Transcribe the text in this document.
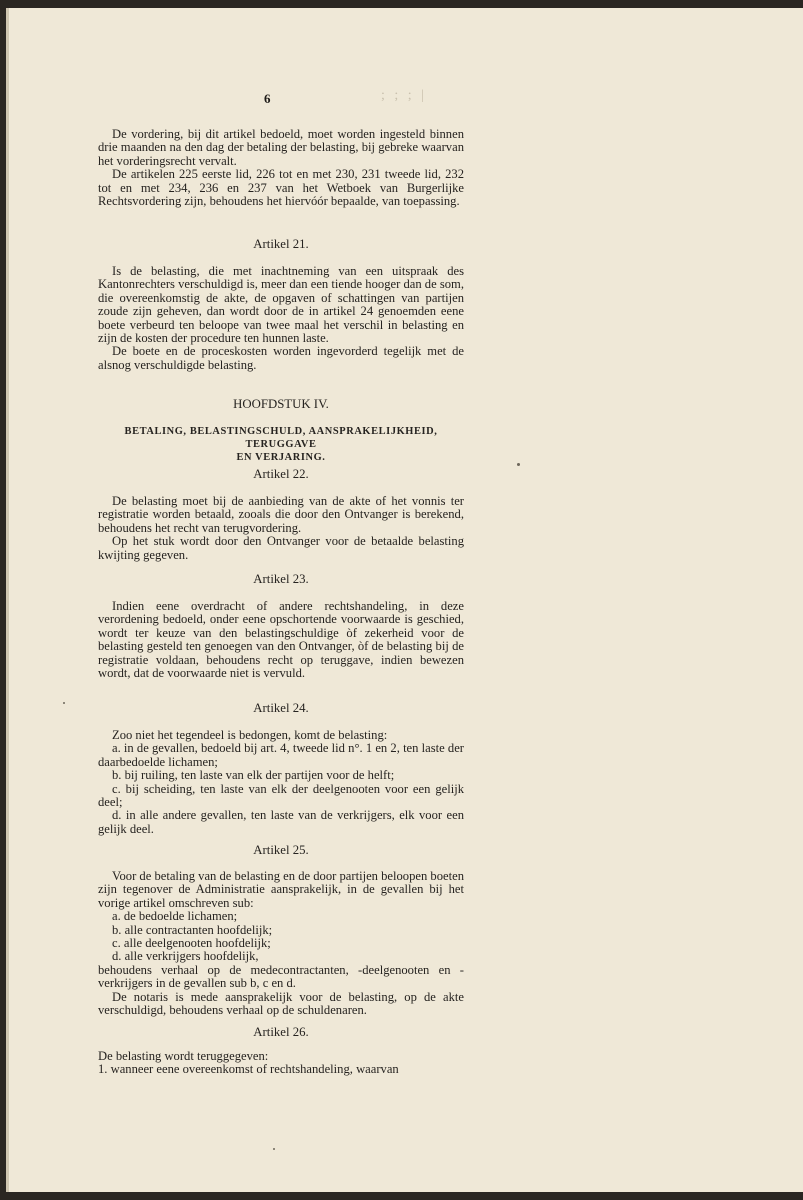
6	; ; ; |

De vordering, bij dit artikel bedoeld, moet worden ingesteld binnen drie maanden na den dag der betaling der belasting, bij gebreke waarvan het vorderingsrecht vervalt.

De artikelen 225 eerste lid, 226 tot en met 230, 231 tweede lid, 232 tot en met 234, 236 en 237 van het Wetboek van Burgerlijke Rechtsvordering zijn, behoudens het hiervóór bepaalde, van toepassing.

Artikel 21.

Is de belasting, die met inachtneming van een uitspraak des Kantonrechters verschuldigd is, meer dan een tiende hooger dan de som, die overeenkomstig de akte, de opgaven of schattingen van partijen zoude zijn geheven, dan wordt door de in artikel 24 genoemden eene boete verbeurd ten beloope van twee maal het verschil in belasting en zijn de kosten der procedure ten hunnen laste.

De boete en de proceskosten worden ingevorderd tegelijk met de alsnog verschuldigde belasting.

HOOFDSTUK IV.

BETALING, BELASTINGSCHULD, AANSPRAKELIJKHEID, TERUGGAVE

EN VERJARING.

Artikel 22.

De belasting moet bij de aanbieding van de akte of het vonnis ter registratie worden betaald, zooals die door den Ontvanger is berekend, behoudens het recht van terugvordering.

Op het stuk wordt door den Ontvanger voor de betaalde belasting kwijting gegeven.

Artikel 23.

Indien eene overdracht of andere rechtshandeling, in deze verordening bedoeld, onder eene opschortende voorwaarde is geschied, wordt ter keuze van den belastingschuldige òf zekerheid voor de belasting gesteld ten genoegen van den Ontvanger, òf de belasting bij de registratie voldaan, behoudens recht op teruggave, indien bewezen wordt, dat de voorwaarde niet is vervuld.

Artikel 24.

Zoo niet het tegendeel is bedongen, komt de belasting:

a. in de gevallen, bedoeld bij art. 4, tweede lid n°. 1 en 2, ten laste der daarbedoelde lichamen;

b. bij ruiling, ten laste van elk der partijen voor de helft;

c. bij scheiding, ten laste van elk der deelgenooten voor een gelijk deel;

d. in alle andere gevallen, ten laste van de verkrijgers, elk voor een gelijk deel.

Artikel 25.

Voor de betaling van de belasting en de door partijen beloopen boeten zijn tegenover de Administratie aansprakelijk, in de gevallen bij het vorige artikel omschreven sub:

a. de bedoelde lichamen;

b. alle contractanten hoofdelijk;

c. alle deelgenooten hoofdelijk;

d. alle verkrijgers hoofdelijk,

behoudens verhaal op de medecontractanten, -deelgenooten en -verkrijgers in de gevallen sub b, c en d.

De notaris is mede aansprakelijk voor de belasting, op de akte verschuldigd, behoudens verhaal op de schuldenaren.

Artikel 26.

De belasting wordt teruggegeven:

1. wanneer eene overeenkomst of rechtshandeling, waarvan
